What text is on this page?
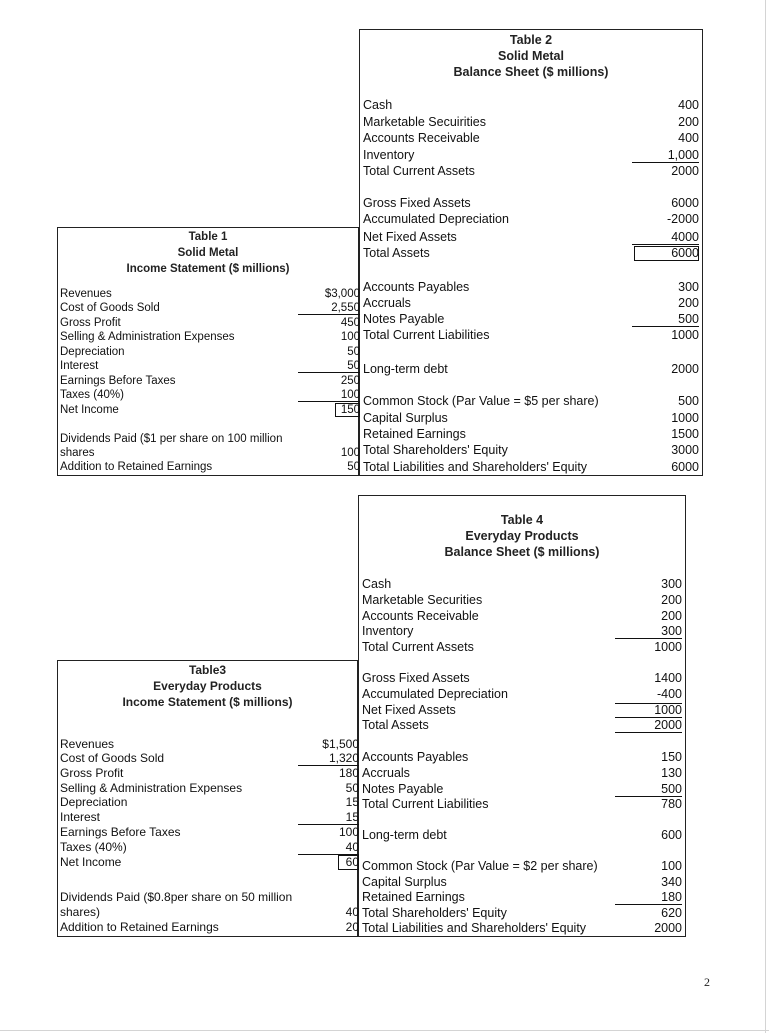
Table 2
Solid Metal
Balance Sheet ($ millions)
Cash	400
Marketable Secuirities	200
Accounts Receivable	400
Inventory	1,000
Total Current Assets	2000
Gross Fixed Assets	6000
Accumulated Depreciation	-2000
Net Fixed Assets	4000
Total Assets	6000
Accounts Payables	300
Accruals	200
Notes Payable	500
Total Current Liabilities	1000
Long-term debt	2000
Common Stock (Par Value = $5 per share)	500
Capital Surplus	1000
Retained Earnings	1500
Total Shareholders' Equity	3000
Total Liabilities and Shareholders' Equity	6000
Table 1
Solid Metal
Income Statement ($ millions)
Revenues	$3,000
Cost of Goods Sold	2,550
Gross Profit	450
Selling & Administration Expenses	100
Depreciation	50
Interest	50
Earnings Before Taxes	250
Taxes (40%)	100
Net Income	150
Dividends Paid ($1 per share on 100 million
shares	100
Addition to Retained Earnings	50
Table 4
Everyday Products
Balance Sheet ($ millions)
Cash	300
Marketable Securities	200
Accounts Receivable	200
Inventory	300
Total Current Assets	1000
Gross Fixed Assets	1400
Accumulated Depreciation	-400
Net Fixed Assets	1000
Total Assets	2000
Accounts Payables	150
Accruals	130
Notes Payable	500
Total Current Liabilities	780
Long-term debt	600
Common Stock (Par Value = $2 per share)	100
Capital Surplus	340
Retained Earnings	180
Total Shareholders' Equity	620
Total Liabilities and Shareholders' Equity	2000
Table3
Everyday Products
Income Statement ($ millions)
Revenues	$1,500
Cost of Goods Sold	1,320
Gross Profit	180
Selling & Administration Expenses	50
Depreciation	15
Interest	15
Earnings Before Taxes	100
Taxes (40%)	40
Net Income	60
Dividends Paid ($0.8per share on 50 million
shares)	40
Addition to Retained Earnings	20
2
